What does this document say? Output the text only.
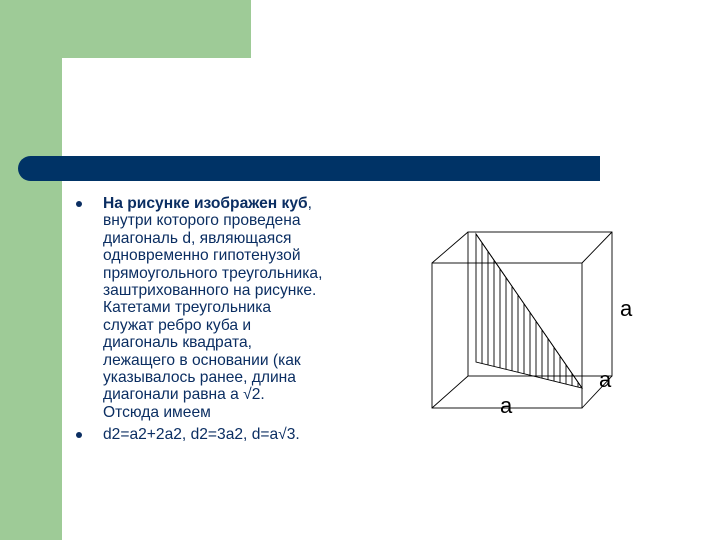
На рисунке изображен куб,
внутри которого проведена
диагональ d, являющаяся
одновременно гипотенузой
прямоугольного треугольника,
заштрихованного на рисунке.
Катетами треугольника
служат ребро куба и
диагональ квадрата,
лежащего в основании (как
указывалось ранее, длина
диагонали равна a √2.
Отсюда имеем
d2=a2+2a2, d2=3a2, d=a√3.
a
a
a
